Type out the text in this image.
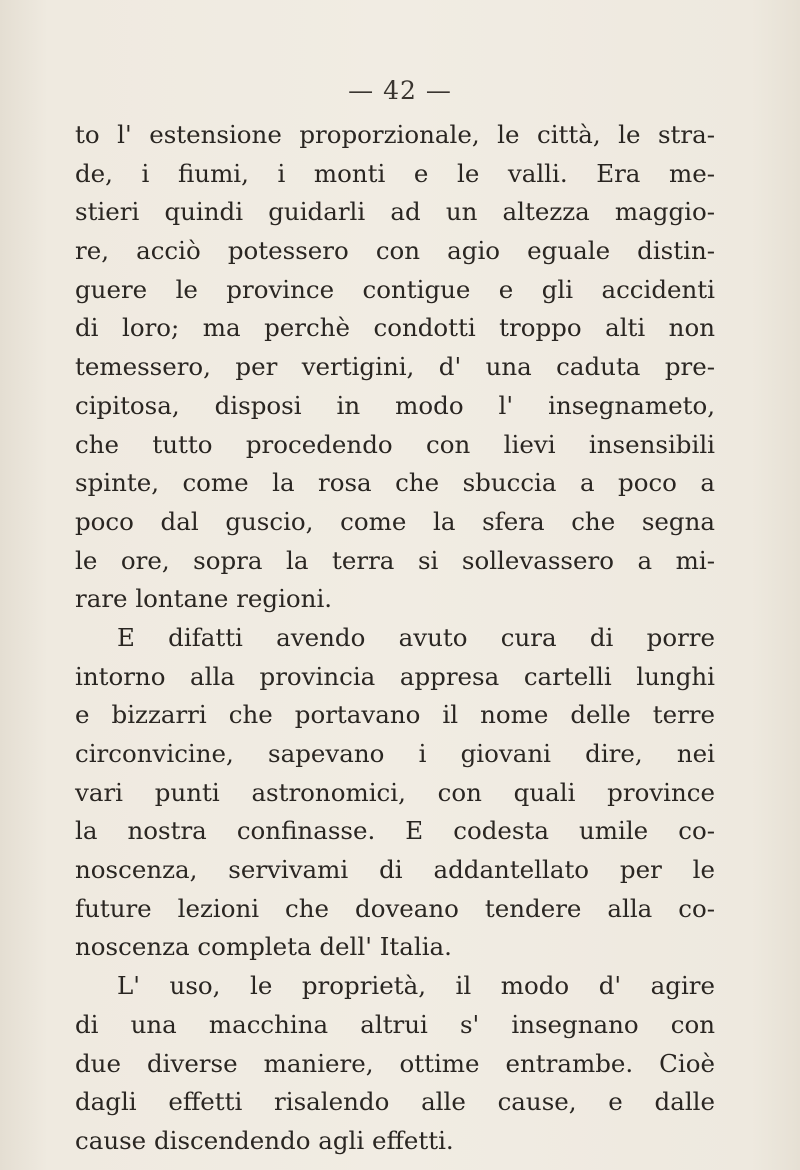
— 42 —
to l' estensione proporzionale, le città, le stra-
de, i fiumi, i monti e le valli. Era me-
stieri quindi guidarli ad un altezza maggio-
re, acciò potessero con agio eguale distin-
guere le province contigue e gli accidenti
di loro; ma perchè condotti troppo alti non
temessero, per vertigini, d' una caduta pre-
cipitosa, disposi in modo l' insegnameto,
che tutto procedendo con lievi insensibili
spinte, come la rosa che sbuccia a poco a
poco dal guscio, come la sfera che segna
le ore, sopra la terra si sollevassero a mi-
rare lontane regioni.
E difatti avendo avuto cura di porre
intorno alla provincia appresa cartelli lunghi
e bizzarri che portavano il nome delle terre
circonvicine, sapevano i giovani dire, nei
vari punti astronomici, con quali province
la nostra confinasse. E codesta umile co-
noscenza, servivami di addantellato per le
future lezioni che doveano tendere alla co-
noscenza completa dell' Italia.
L' uso, le proprietà, il modo d' agire
di una macchina altrui s' insegnano con
due diverse maniere, ottime entrambe. Cioè
dagli effetti risalendo alle cause, e dalle
cause discendendo agli effetti.
